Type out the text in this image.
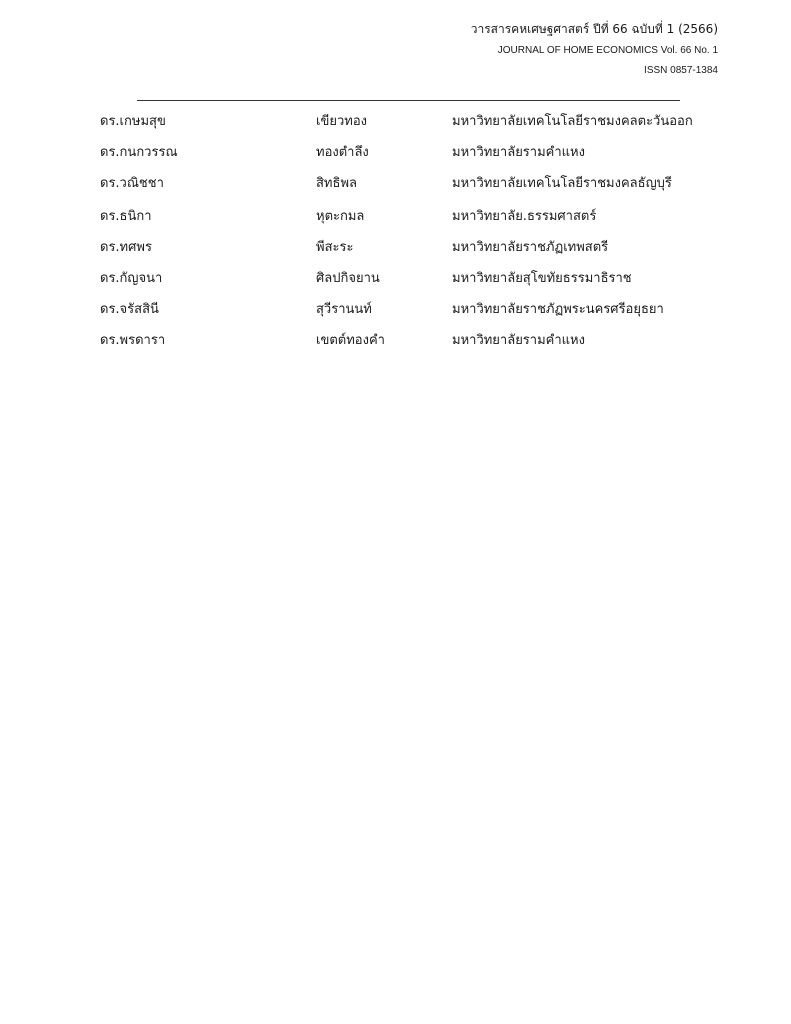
วารสารคหเศษฐศาสตร์ ปีที่ 66 ฉบับที่ 1 (2566)
JOURNAL OF HOME ECONOMICS Vol. 66 No. 1
ISSN 0857-1384
ดร.เกษมสุข	เขียวทอง	มหาวิทยาลัยเทคโนโลยีราชมงคลตะวันออก
ดร.กนกวรรณ	ทองตำลึง	มหาวิทยาลัยรามคำแหง
ดร.วณิชชา	สิทธิพล	มหาวิทยาลัยเทคโนโลยีราชมงคลธัญบุรี
ดร.ธนิกา	หุตะกมล	มหาวิทยาลัย.ธรรมศาสตร์
ดร.ทศพร	พีสะระ	มหาวิทยาลัยราชภัฏเทพสตรี
ดร.กัญจนา	ศิลปกิจยาน	มหาวิทยาลัยสุโขทัยธรรมาธิราช
ดร.จรัสสินี	สุวีรานนท์	มหาวิทยาลัยราชภัฏพระนครศรีอยุธยา
ดร.พรดารา	เขตต์ทองคำ	มหาวิทยาลัยรามคำแหง
